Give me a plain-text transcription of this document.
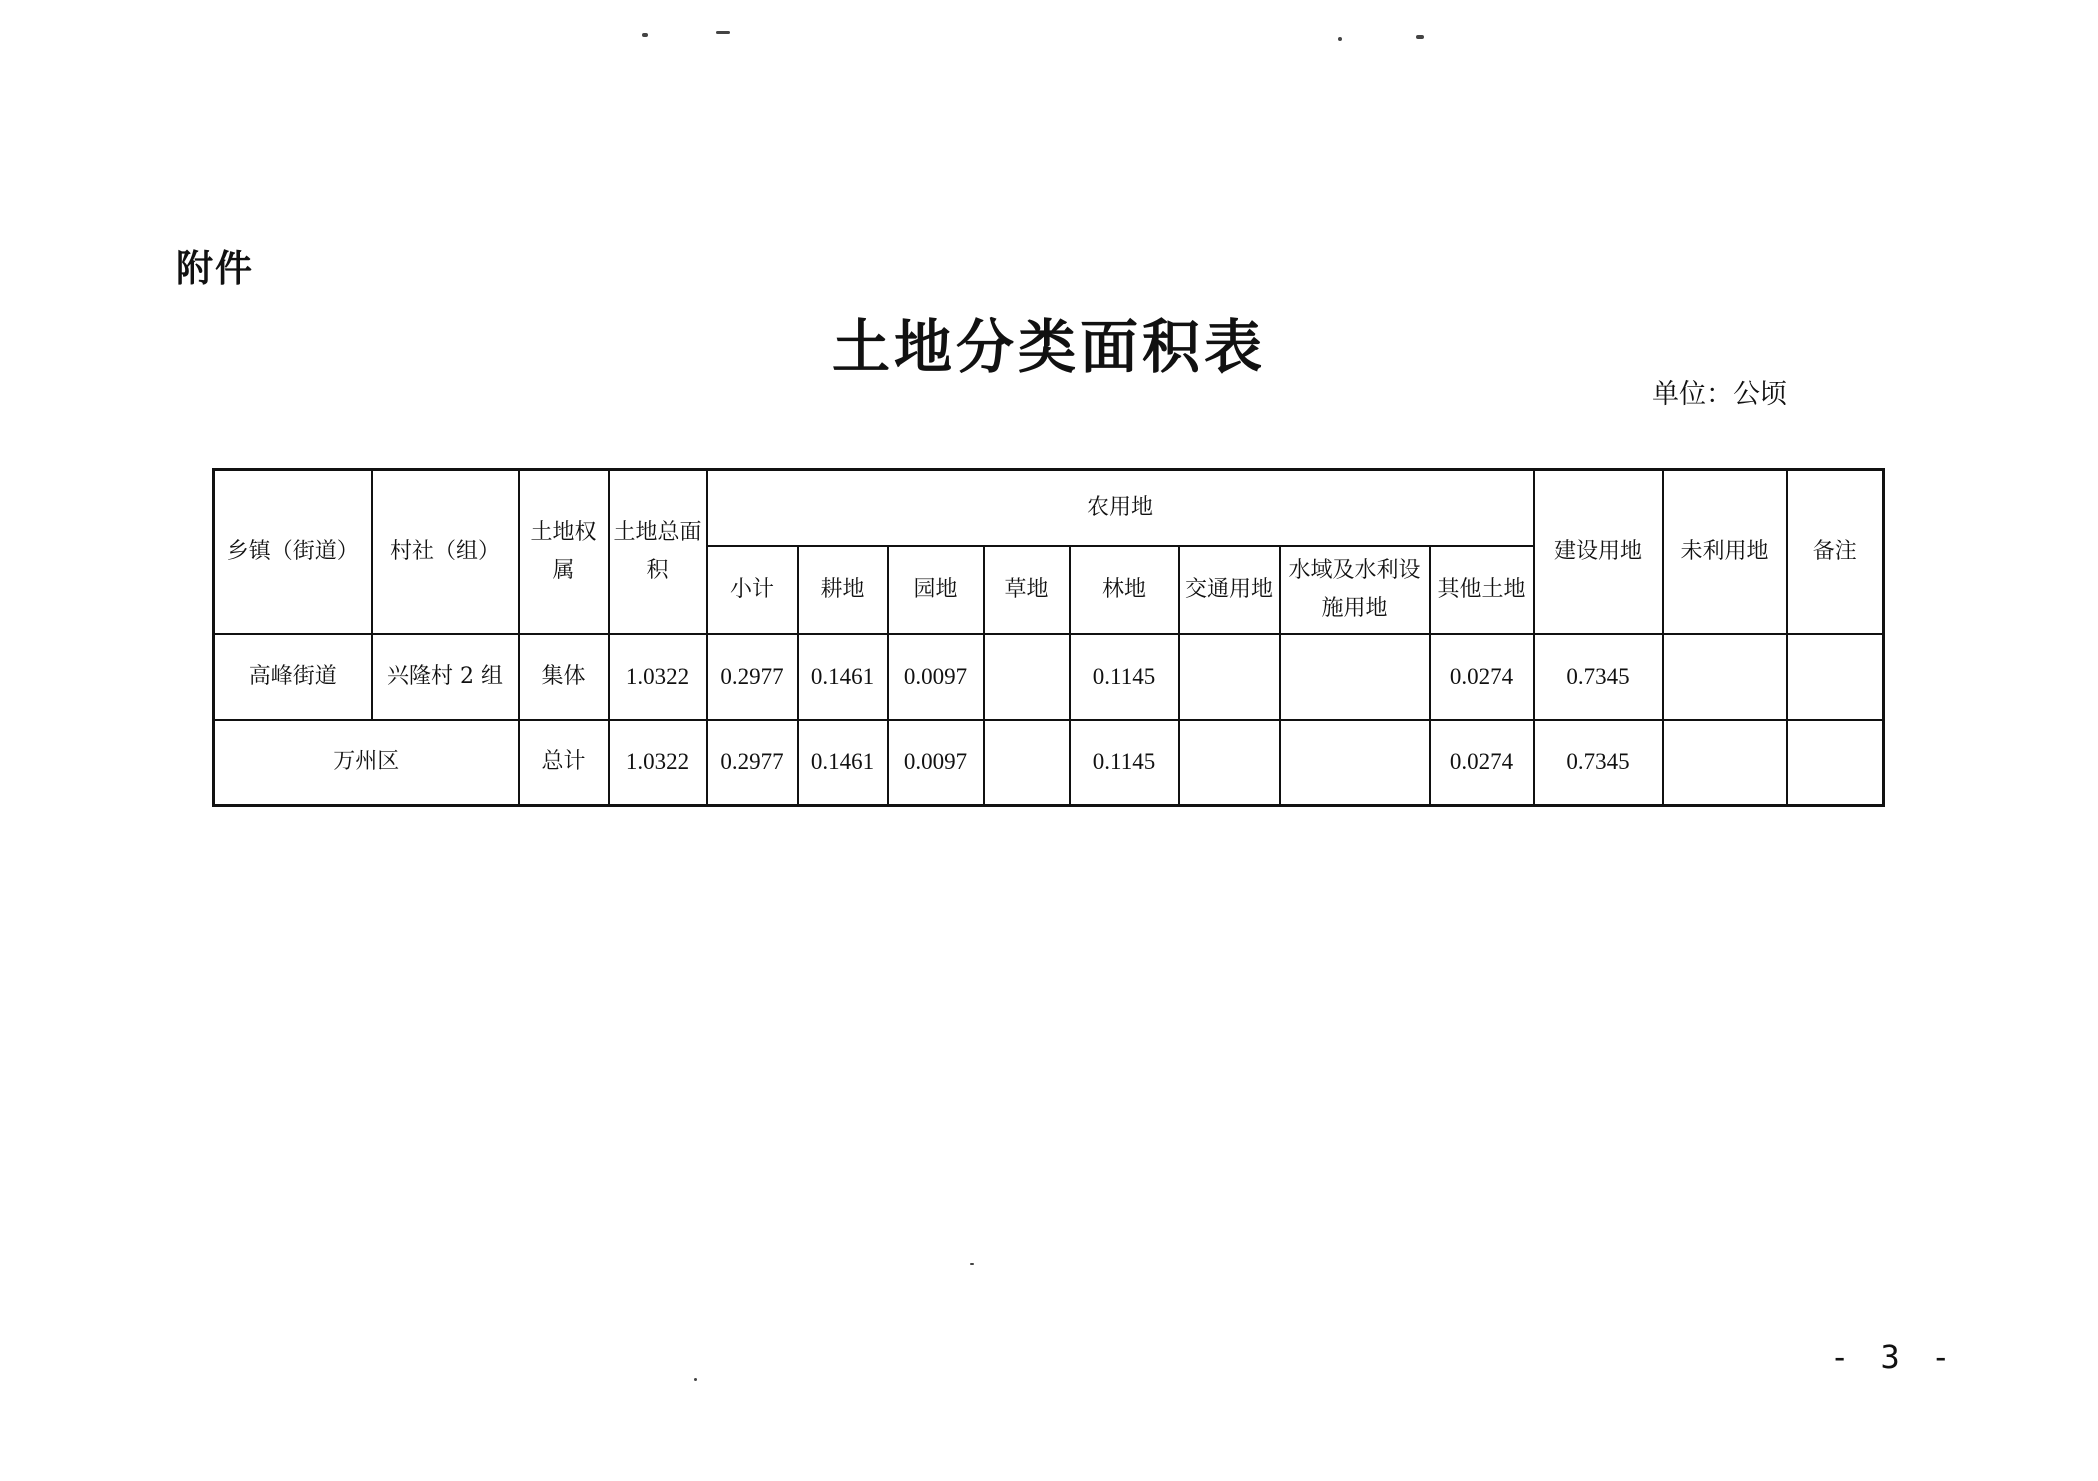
附件
土地分类面积表
单位：公顷
乡镇（街道）	村社（组）	土地权属	土地总面积	农用地								建设用地	未利用地	备注
				小计	耕地	园地	草地	林地	交通用地	水域及水利设施用地	其他土地			
高峰街道	兴隆村 2 组	集体	1.0322	0.2977	0.1461	0.0097		0.1145			0.0274	0.7345		
万州区		总计	1.0322	0.2977	0.1461	0.0097		0.1145			0.0274	0.7345		
- 3 -
